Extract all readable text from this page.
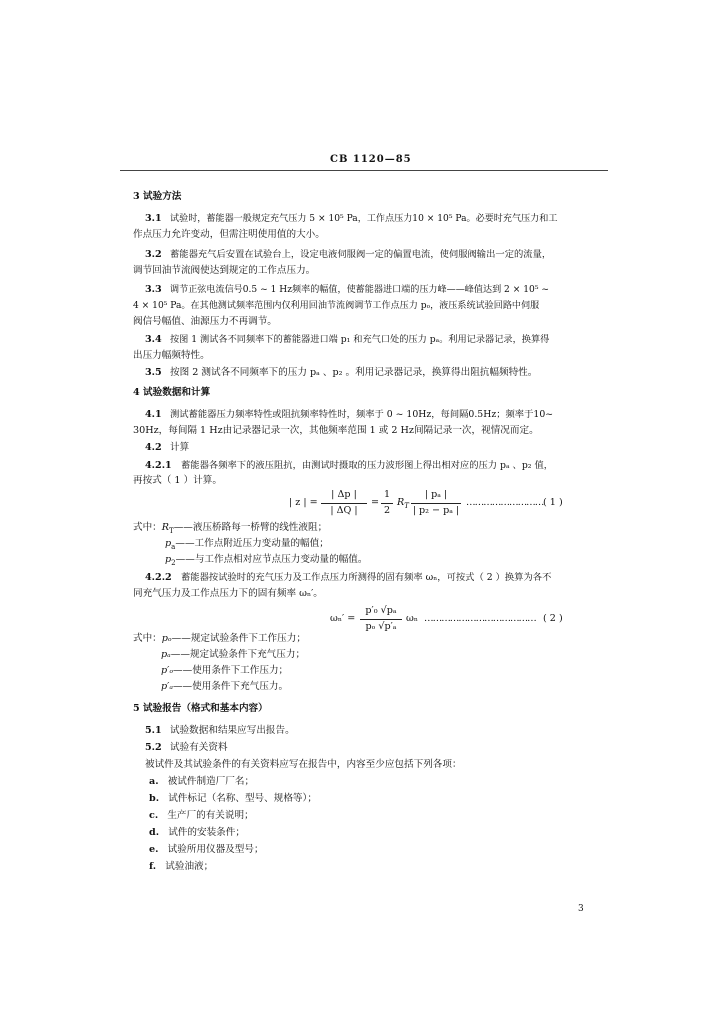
CB 1120—85
3 试验方法
3.1 试验时，蓄能器一般规定充气压力 5 × 10⁵ Pa，工作点压力10 × 10⁵ Pa。必要时充气压力和工
作点压力允许变动，但需注明使用值的大小。
3.2 蓄能器充气后安置在试验台上，设定电液伺服阀一定的偏置电流，使伺服阀输出一定的流量，
调节回油节流阀使达到规定的工作点压力。
3.3 调节正弦电流信号0.5 ~ 1 Hz频率的幅值，使蓄能器进口端的压力峰——峰值达到 2 × 10⁵ ~
4 × 10⁵ Pa。在其他测试频率范围内仅利用回油节流阀调节工作点压力 pₒ，液压系统试验回路中伺服
阀信号幅值、油源压力不再调节。
3.4 按图 1 测试各不同频率下的蓄能器进口端 p₁ 和充气口处的压力 pₐ。利用记录器记录，换算得
出压力幅频特性。
3.5 按图 2 测试各不同频率下的压力 pₐ 、p₂ 。利用记录器记录，换算得出阻抗幅频特性。
4 试验数据和计算
4.1 测试蓄能器压力频率特性或阻抗频率特性时，频率于 0 ~ 10Hz，每间隔0.5Hz；频率于10~
30Hz，每间隔 1 Hz由记录器记录一次，其他频率范围 1 或 2 Hz间隔记录一次，视情况而定。
4.2 计算
4.2.1 蓄能器各频率下的液压阻抗，由测试时摄取的压力波形图上得出相对应的压力 pₐ 、p₂ 值，
再按式（ 1 ）计算。
| z | =
| Δp |
| ΔQ |
=
1
2
$R_T$
| pₐ |
| p₂ − pₐ |
……………………… ( 1 )
式中：$R_T——$液压桥路每一桥臂的线性液阻；
$p_a——$工作点附近压力变动量的幅值；
$p_2——$与工作点相对应节点压力变动量的幅值。
4.2.2 蓄能器按试验时的充气压力及工作点压力所测得的固有频率 ωₙ，可按式（ 2 ）换算为各不
同充气压力及工作点压力下的固有频率 ωₙ′。
ωₙ′ =
p′₀ √pₐ
pₒ √p′ₐ
ωₙ ………………………………… ( 2 )
式中：pₒ——规定试验条件下工作压力；
pₐ——规定试验条件下充气压力；
p′ₒ——使用条件下工作压力；
p′ₐ——使用条件下充气压力。
5 试验报告（格式和基本内容）
5.1 试验数据和结果应写出报告。
5.2 试验有关资料
被试件及其试验条件的有关资料应写在报告中，内容至少应包括下列各项：
a. 被试件制造厂厂名；
b. 试件标记（名称、型号、规格等）；
c. 生产厂的有关说明；
d. 试件的安装条件；
e. 试验所用仪器及型号；
f. 试验油液；
3
